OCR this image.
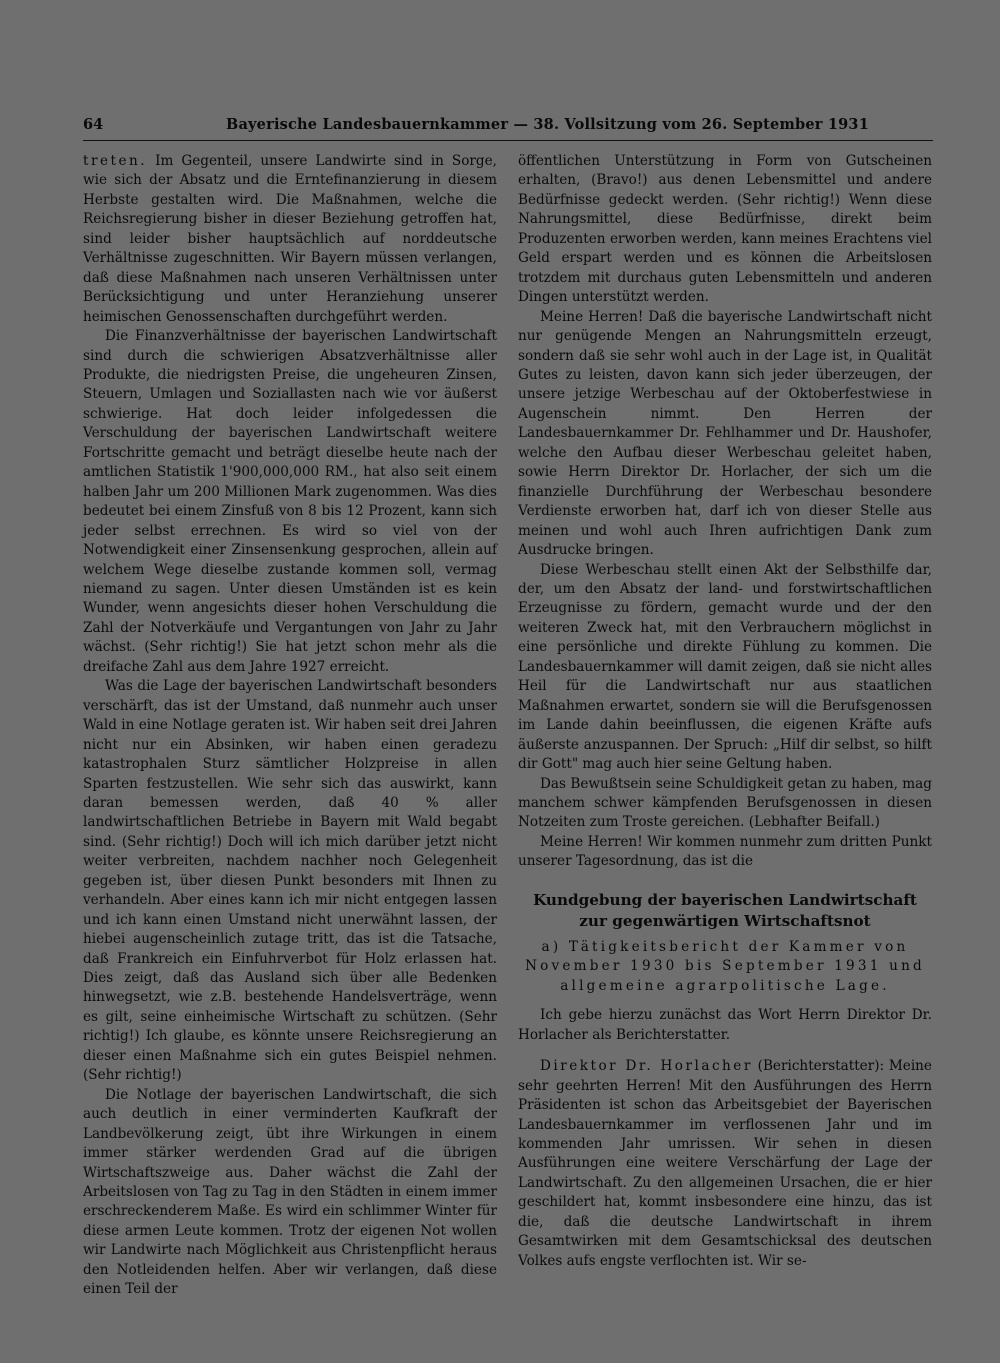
64	Bayerische Landesbauernkammer — 38. Vollsitzung vom 26. September 1931

treten. Im Gegenteil, unsere Landwirte sind in Sorge, wie sich der Absatz und die Erntefinanzierung in diesem Herbste gestalten wird. Die Maßnahmen, welche die Reichsregierung bisher in dieser Beziehung getroffen hat, sind leider bisher hauptsächlich auf norddeutsche Verhältnisse zugeschnitten. Wir Bayern müssen verlangen, daß diese Maßnahmen nach unseren Verhältnissen unter Berücksichtigung und unter Heranziehung unserer heimischen Genossenschaften durchgeführt werden.

Die Finanzverhältnisse der bayerischen Landwirtschaft sind durch die schwierigen Absatzverhältnisse aller Produkte, die niedrigsten Preise, die ungeheuren Zinsen, Steuern, Umlagen und Soziallasten nach wie vor äußerst schwierige. Hat doch leider infolgedessen die Verschuldung der bayerischen Landwirtschaft weitere Fortschritte gemacht und beträgt dieselbe heute nach der amtlichen Statistik 1'900,000,000 RM., hat also seit einem halben Jahr um 200 Millionen Mark zugenommen. Was dies bedeutet bei einem Zinsfuß von 8 bis 12 Prozent, kann sich jeder selbst errechnen. Es wird so viel von der Notwendigkeit einer Zinsensenkung gesprochen, allein auf welchem Wege dieselbe zustande kommen soll, vermag niemand zu sagen. Unter diesen Umständen ist es kein Wunder, wenn angesichts dieser hohen Verschuldung die Zahl der Notverkäufe und Vergantungen von Jahr zu Jahr wächst. (Sehr richtig!) Sie hat jetzt schon mehr als die dreifache Zahl aus dem Jahre 1927 erreicht.

Was die Lage der bayerischen Landwirtschaft besonders verschärft, das ist der Umstand, daß nunmehr auch unser Wald in eine Notlage geraten ist. Wir haben seit drei Jahren nicht nur ein Absinken, wir haben einen geradezu katastrophalen Sturz sämtlicher Holzpreise in allen Sparten festzustellen. Wie sehr sich das auswirkt, kann daran bemessen werden, daß 40 % aller landwirtschaftlichen Betriebe in Bayern mit Wald begabt sind. (Sehr richtig!) Doch will ich mich darüber jetzt nicht weiter verbreiten, nachdem nachher noch Gelegenheit gegeben ist, über diesen Punkt besonders mit Ihnen zu verhandeln. Aber eines kann ich mir nicht entgegen lassen und ich kann einen Umstand nicht unerwähnt lassen, der hiebei augenscheinlich zutage tritt, das ist die Tatsache, daß Frankreich ein Einfuhrverbot für Holz erlassen hat. Dies zeigt, daß das Ausland sich über alle Bedenken hinwegsetzt, wie z.B. bestehende Handelsverträge, wenn es gilt, seine einheimische Wirtschaft zu schützen. (Sehr richtig!) Ich glaube, es könnte unsere Reichsregierung an dieser einen Maßnahme sich ein gutes Beispiel nehmen. (Sehr richtig!)

Die Notlage der bayerischen Landwirtschaft, die sich auch deutlich in einer verminderten Kaufkraft der Landbevölkerung zeigt, übt ihre Wirkungen in einem immer stärker werdenden Grad auf die übrigen Wirtschaftszweige aus. Daher wächst die Zahl der Arbeitslosen von Tag zu Tag in den Städten in einem immer erschreckenderem Maße. Es wird ein schlimmer Winter für diese armen Leute kommen. Trotz der eigenen Not wollen wir Landwirte nach Möglichkeit aus Christenpflicht heraus den Notleidenden helfen. Aber wir verlangen, daß diese einen Teil der

öffentlichen Unterstützung in Form von Gutscheinen erhalten, (Bravo!) aus denen Lebensmittel und andere Bedürfnisse gedeckt werden. (Sehr richtig!) Wenn diese Nahrungsmittel, diese Bedürfnisse, direkt beim Produzenten erworben werden, kann meines Erachtens viel Geld erspart werden und es können die Arbeitslosen trotzdem mit durchaus guten Lebensmitteln und anderen Dingen unterstützt werden.

Meine Herren! Daß die bayerische Landwirtschaft nicht nur genügende Mengen an Nahrungsmitteln erzeugt, sondern daß sie sehr wohl auch in der Lage ist, in Qualität Gutes zu leisten, davon kann sich jeder überzeugen, der unsere jetzige Werbeschau auf der Oktoberfestwiese in Augenschein nimmt. Den Herren der Landesbauernkammer Dr. Fehlhammer und Dr. Haushofer, welche den Aufbau dieser Werbeschau geleitet haben, sowie Herrn Direktor Dr. Horlacher, der sich um die finanzielle Durchführung der Werbeschau besondere Verdienste erworben hat, darf ich von dieser Stelle aus meinen und wohl auch Ihren aufrichtigen Dank zum Ausdrucke bringen.

Diese Werbeschau stellt einen Akt der Selbsthilfe dar, der, um den Absatz der land- und forstwirtschaftlichen Erzeugnisse zu fördern, gemacht wurde und der den weiteren Zweck hat, mit den Verbrauchern möglichst in eine persönliche und direkte Fühlung zu kommen. Die Landesbauernkammer will damit zeigen, daß sie nicht alles Heil für die Landwirtschaft nur aus staatlichen Maßnahmen erwartet, sondern sie will die Berufsgenossen im Lande dahin beeinflussen, die eigenen Kräfte aufs äußerste anzuspannen. Der Spruch: „Hilf dir selbst, so hilft dir Gott" mag auch hier seine Geltung haben.

Das Bewußtsein seine Schuldigkeit getan zu haben, mag manchem schwer kämpfenden Berufsgenossen in diesen Notzeiten zum Troste gereichen. (Lebhafter Beifall.)

Meine Herren! Wir kommen nunmehr zum dritten Punkt unserer Tagesordnung, das ist die

Kundgebung der bayerischen Landwirtschaft zur gegenwärtigen Wirtschaftsnot
a) Tätigkeitsbericht der Kammer von November 1930 bis September 1931 und allgemeine agrarpolitische Lage.

Ich gebe hierzu zunächst das Wort Herrn Direktor Dr. Horlacher als Berichterstatter.

Direktor Dr. Horlacher (Berichterstatter): Meine sehr geehrten Herren! Mit den Ausführungen des Herrn Präsidenten ist schon das Arbeitsgebiet der Bayerischen Landesbauernkammer im verflossenen Jahr und im kommenden Jahr umrissen. Wir sehen in diesen Ausführungen eine weitere Verschärfung der Lage der Landwirtschaft. Zu den allgemeinen Ursachen, die er hier geschildert hat, kommt insbesondere eine hinzu, das ist die, daß die deutsche Landwirtschaft in ihrem Gesamtwirken mit dem Gesamtschicksal des deutschen Volkes aufs engste verflochten ist. Wir se-
